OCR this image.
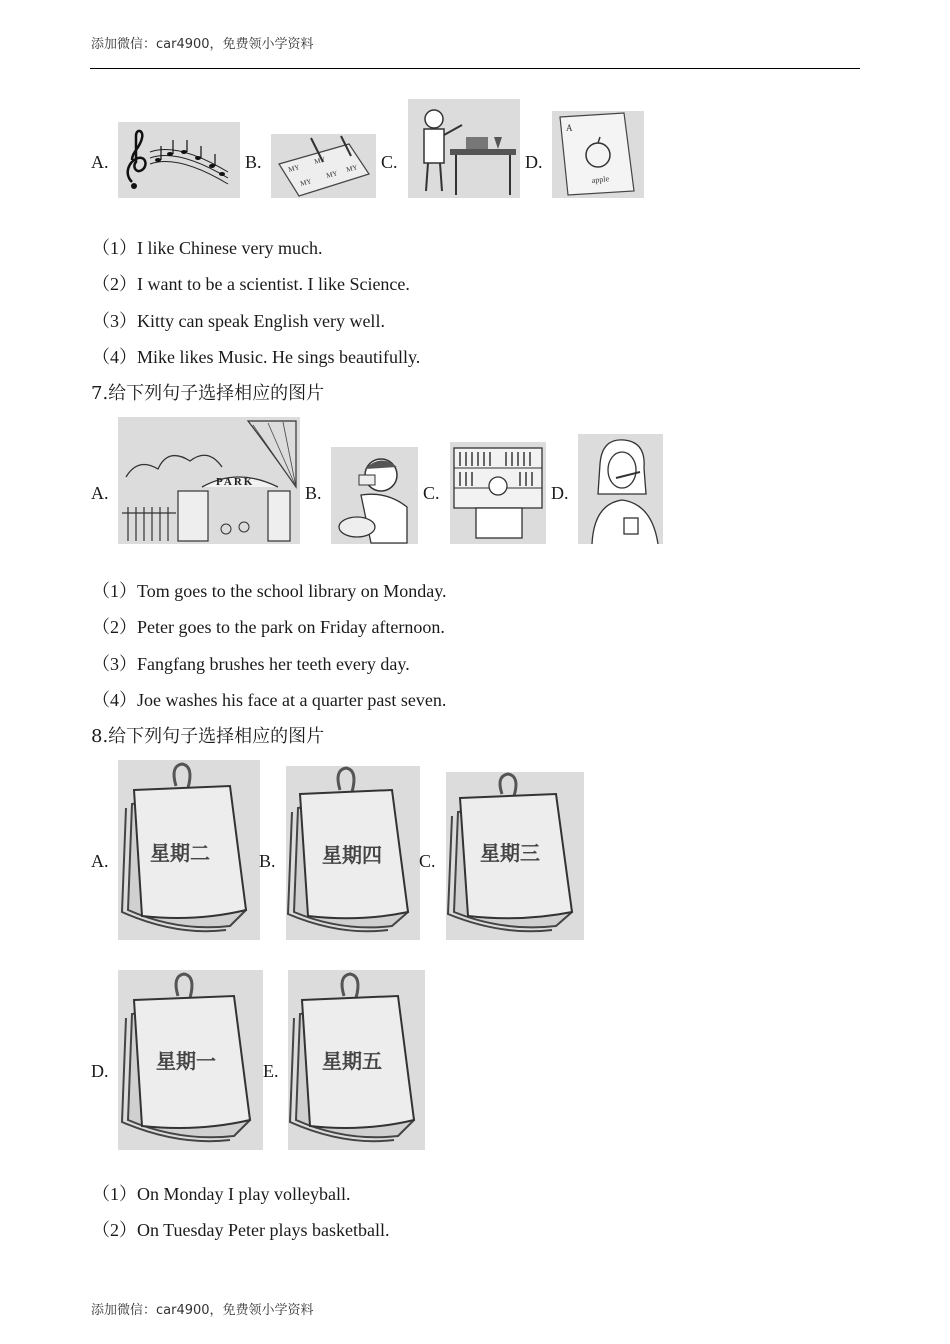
添加微信：car4900，免费领小学资料
A.	B.	MY
MY
MY
MY
MY C.	D.
A
apple
（1）I like Chinese very much.
（2）I want to be a scientist. I like Science.
（3）Kitty can speak English very well.
（4）Mike likes Music. He sings beautifully.
7.给下列句子选择相应的图片
A.
PARK
B.	C.	D.
（1）Tom goes to the school library on Monday.
（2）Peter goes to the park on Friday afternoon.
（3）Fangfang brushes her teeth every day.
（4）Joe washes his face at a quarter past seven.
8.给下列句子选择相应的图片
A. 星期二	B. 星期四 C. 星期三
D. 星期一	E. 星期五
（1）On Monday I play volleyball.
（2）On Tuesday Peter plays basketball.
添加微信：car4900，免费领小学资料
